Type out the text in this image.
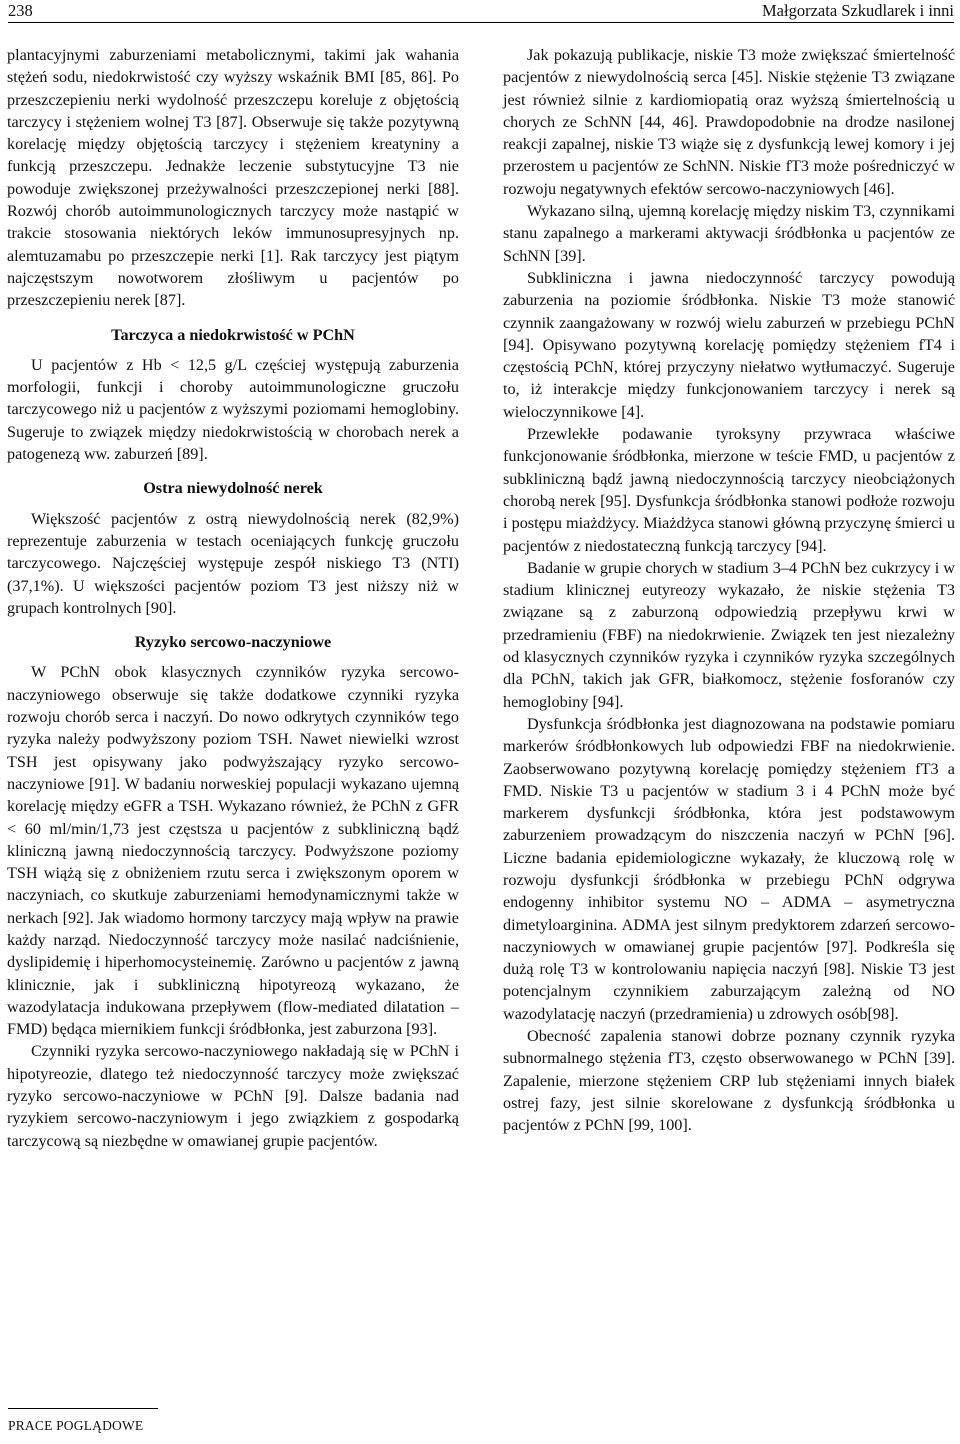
238	Małgorzata Szkudlarek i inni

plantacyjnymi zaburzeniami metabolicznymi, takimi jak wahania stężeń sodu, niedokrwistość czy wyższy wskaźnik BMI [85, 86]. Po przeszczepieniu nerki wydolność przeszczepu koreluje z objętością tarczycy i stężeniem wolnej T3 [87]. Obserwuje się także pozytywną korelację między objętością tarczycy i stężeniem kreatyniny a funkcją przeszczepu. Jednakże leczenie substytucyjne T3 nie powoduje zwiększonej przeżywalności przeszczepionej nerki [88]. Rozwój chorób autoimmunologicznych tarczycy może nastąpić w trakcie stosowania niektórych leków immunosupresyjnych np. alemtuzamabu po przeszczepie nerki [1]. Rak tarczycy jest piątym najczęstszym nowotworem złośliwym u pacjentów po przeszczepieniu nerek [87].

Tarczyca a niedokrwistość w PChN

U pacjentów z Hb < 12,5 g/L częściej występują zaburzenia morfologii, funkcji i choroby autoimmunologiczne gruczołu tarczycowego niż u pacjentów z wyższymi poziomami hemoglobiny. Sugeruje to związek między niedokrwistością w chorobach nerek a patogenezą ww. zaburzeń [89].

Ostra niewydolność nerek

Większość pacjentów z ostrą niewydolnością nerek (82,9%) reprezentuje zaburzenia w testach oceniających funkcję gruczołu tarczycowego. Najczęściej występuje zespół niskiego T3 (NTI) (37,1%). U większości pacjentów poziom T3 jest niższy niż w grupach kontrolnych [90].

Ryzyko sercowo-naczyniowe

W PChN obok klasycznych czynników ryzyka sercowo-naczyniowego obserwuje się także dodatkowe czynniki ryzyka rozwoju chorób serca i naczyń. Do nowo odkrytych czynników tego ryzyka należy podwyższony poziom TSH. Nawet niewielki wzrost TSH jest opisywany jako podwyższający ryzyko sercowo-naczyniowe [91]. W badaniu norweskiej populacji wykazano ujemną korelację między eGFR a TSH. Wykazano również, że PChN z GFR < 60 ml/min/1,73 jest częstsza u pacjentów z subkliniczną bądź kliniczną jawną niedoczynnością tarczycy. Podwyższone poziomy TSH wiążą się z obniżeniem rzutu serca i zwiększonym oporem w naczyniach, co skutkuje zaburzeniami hemodynamicznymi także w nerkach [92]. Jak wiadomo hormony tarczycy mają wpływ na prawie każdy narząd. Niedoczynność tarczycy może nasilać nadciśnienie, dyslipidemię i hiperhomocysteinemię. Zarówno u pacjentów z jawną klinicznie, jak i subkliniczną hipotyreozą wykazano, że wazodylatacja indukowana przepływem (flow-mediated dilatation – FMD) będąca miernikiem funkcji śródbłonka, jest zaburzona [93].

Czynniki ryzyka sercowo-naczyniowego nakładają się w PChN i hipotyreozie, dlatego też niedoczynność tarczycy może zwiększać ryzyko sercowo-naczyniowe w PChN [9]. Dalsze badania nad ryzykiem sercowo-naczyniowym i jego związkiem z gospodarką tarczycową są niezbędne w omawianej grupie pacjentów.

Jak pokazują publikacje, niskie T3 może zwiększać śmiertelność pacjentów z niewydolnością serca [45]. Niskie stężenie T3 związane jest również silnie z kardiomiopatią oraz wyższą śmiertelnością u chorych ze SchNN [44, 46]. Prawdopodobnie na drodze nasilonej reakcji zapalnej, niskie T3 wiąże się z dysfunkcją lewej komory i jej przerostem u pacjentów ze SchNN. Niskie fT3 może pośredniczyć w rozwoju negatywnych efektów sercowo-naczyniowych [46].

Wykazano silną, ujemną korelację między niskim T3, czynnikami stanu zapalnego a markerami aktywacji śródbłonka u pacjentów ze SchNN [39].

Subkliniczna i jawna niedoczynność tarczycy powodują zaburzenia na poziomie śródbłonka. Niskie T3 może stanowić czynnik zaangażowany w rozwój wielu zaburzeń w przebiegu PChN [94]. Opisywano pozytywną korelację pomiędzy stężeniem fT4 i częstością PChN, której przyczyny niełatwo wytłumaczyć. Sugeruje to, iż interakcje między funkcjonowaniem tarczycy i nerek są wieloczynnikowe [4].

Przewlekłe podawanie tyroksyny przywraca właściwe funkcjonowanie śródbłonka, mierzone w teście FMD, u pacjentów z subkliniczną bądź jawną niedoczynnością tarczycy nieobciążonych chorobą nerek [95]. Dysfunkcja śródbłonka stanowi podłoże rozwoju i postępu miażdżycy. Miażdżyca stanowi główną przyczynę śmierci u pacjentów z niedostateczną funkcją tarczycy [94].

Badanie w grupie chorych w stadium 3–4 PChN bez cukrzycy i w stadium klinicznej eutyreozy wykazało, że niskie stężenia T3 związane są z zaburzoną odpowiedzią przepływu krwi w przedramieniu (FBF) na niedokrwienie. Związek ten jest niezależny od klasycznych czynników ryzyka i czynników ryzyka szczególnych dla PChN, takich jak GFR, białkomocz, stężenie fosforanów czy hemoglobiny [94].

Dysfunkcja śródbłonka jest diagnozowana na podstawie pomiaru markerów śródbłonkowych lub odpowiedzi FBF na niedokrwienie. Zaobserwowano pozytywną korelację pomiędzy stężeniem fT3 a FMD. Niskie T3 u pacjentów w stadium 3 i 4 PChN może być markerem dysfunkcji śródbłonka, która jest podstawowym zaburzeniem prowadzącym do niszczenia naczyń w PChN [96]. Liczne badania epidemiologiczne wykazały, że kluczową rolę w rozwoju dysfunkcji śródbłonka w przebiegu PChN odgrywa endogenny inhibitor systemu NO – ADMA – asymetryczna dimetyloarginina. ADMA jest silnym predyktorem zdarzeń sercowo-naczyniowych w omawianej grupie pacjentów [97]. Podkreśla się dużą rolę T3 w kontrolowaniu napięcia naczyń [98]. Niskie T3 jest potencjalnym czynnikiem zaburzającym zależną od NO wazodylatację naczyń (przedramienia) u zdrowych osób[98].

Obecność zapalenia stanowi dobrze poznany czynnik ryzyka subnormalnego stężenia fT3, często obserwowanego w PChN [39]. Zapalenie, mierzone stężeniem CRP lub stężeniami innych białek ostrej fazy, jest silnie skorelowane z dysfunkcją śródbłonka u pacjentów z PChN [99, 100].

PRACE POGLĄDOWE
